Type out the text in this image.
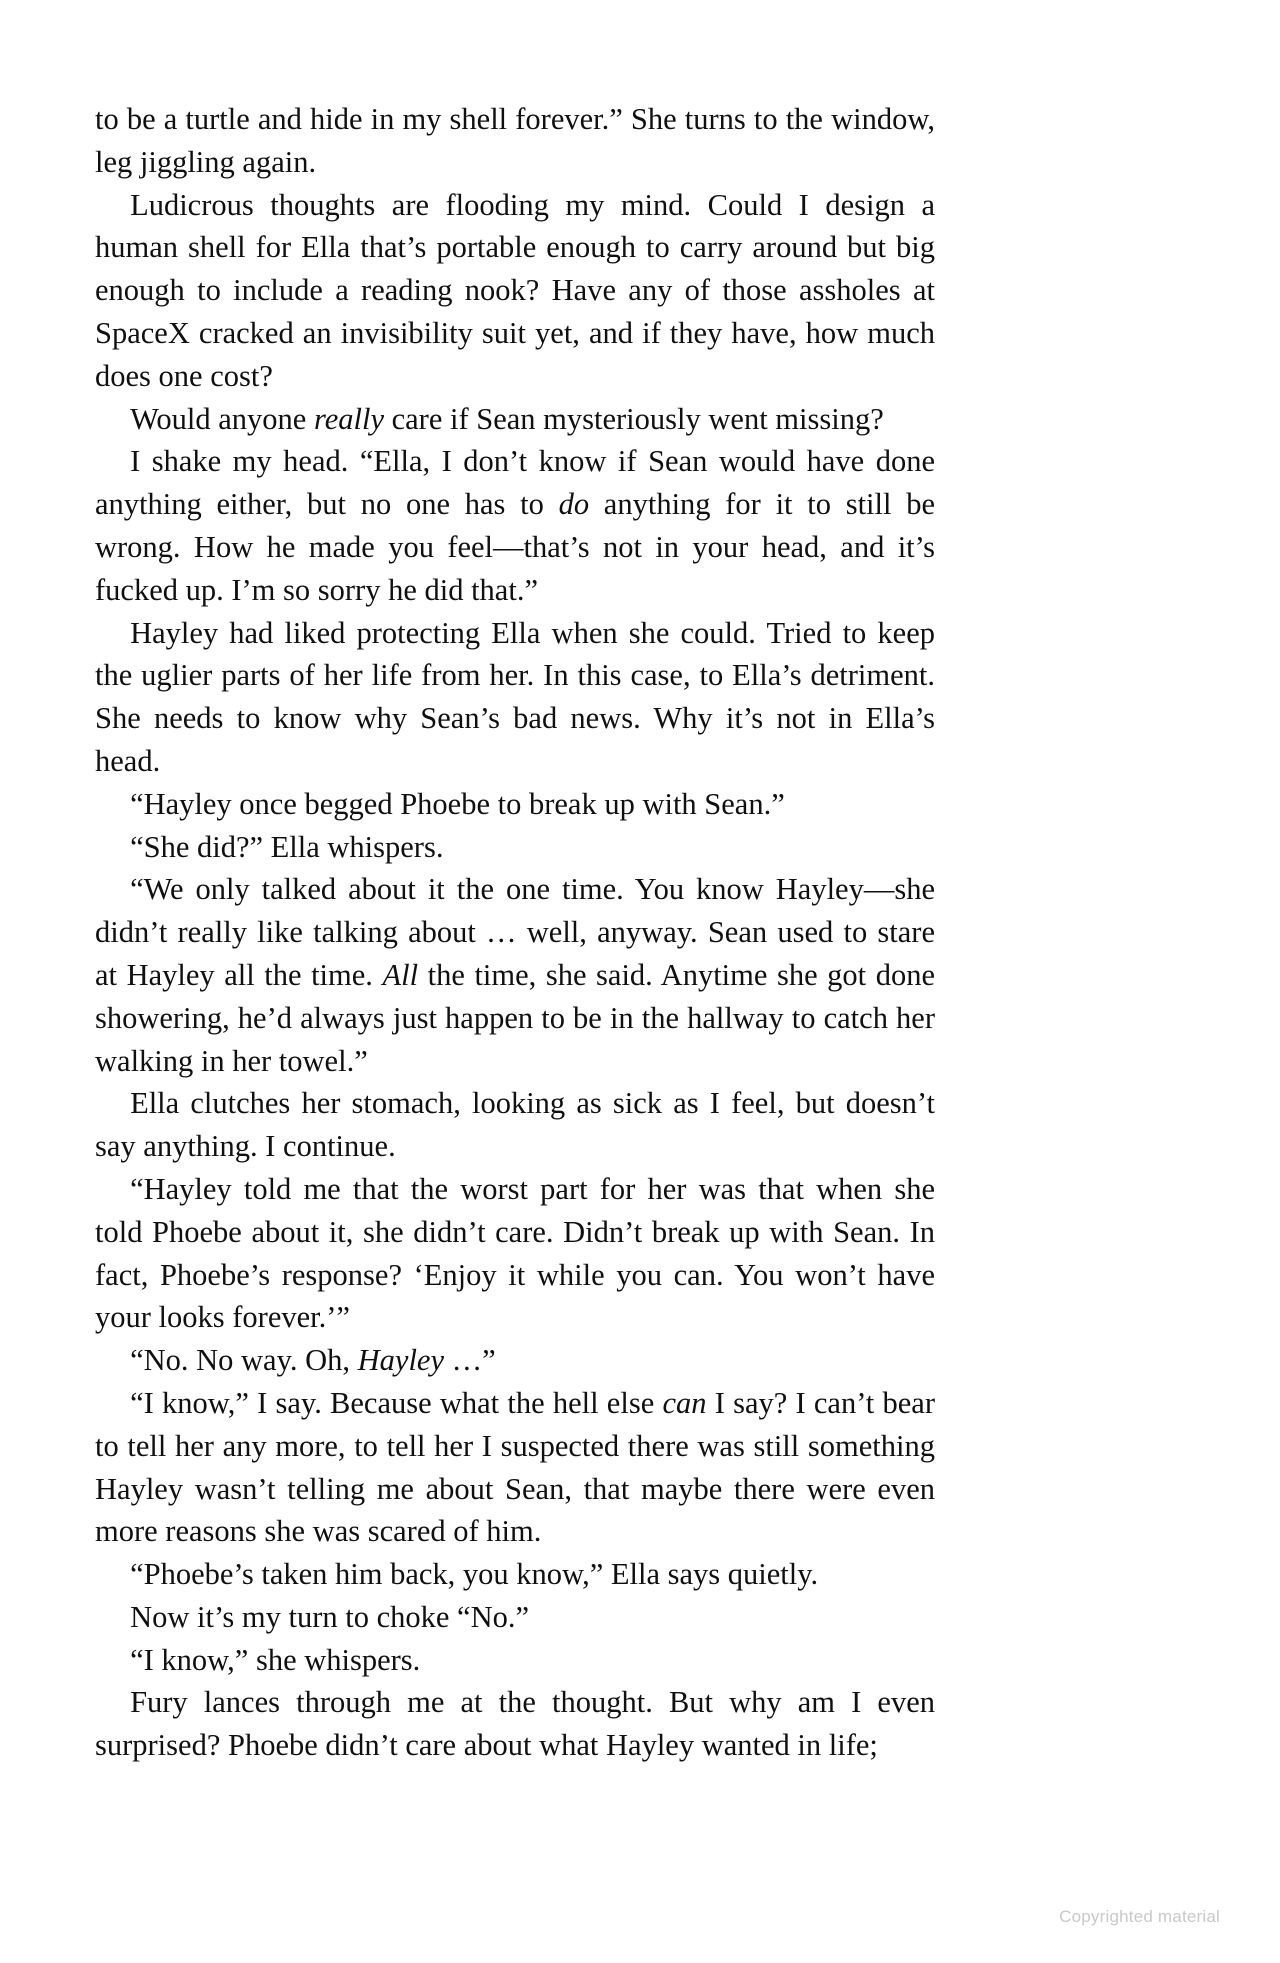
to be a turtle and hide in my shell forever.” She turns to the window, leg jiggling again.

Ludicrous thoughts are flooding my mind. Could I design a human shell for Ella that’s portable enough to carry around but big enough to include a reading nook? Have any of those assholes at SpaceX cracked an invisibility suit yet, and if they have, how much does one cost?

Would anyone really care if Sean mysteriously went missing?

I shake my head. “Ella, I don’t know if Sean would have done anything either, but no one has to do anything for it to still be wrong. How he made you feel—that’s not in your head, and it’s fucked up. I’m so sorry he did that.”

Hayley had liked protecting Ella when she could. Tried to keep the uglier parts of her life from her. In this case, to Ella’s detriment. She needs to know why Sean’s bad news. Why it’s not in Ella’s head.

“Hayley once begged Phoebe to break up with Sean.”

“She did?” Ella whispers.

“We only talked about it the one time. You know Hayley—she didn’t really like talking about … well, anyway. Sean used to stare at Hayley all the time. All the time, she said. Anytime she got done showering, he’d always just happen to be in the hallway to catch her walking in her towel.”

Ella clutches her stomach, looking as sick as I feel, but doesn’t say anything. I continue.

“Hayley told me that the worst part for her was that when she told Phoebe about it, she didn’t care. Didn’t break up with Sean. In fact, Phoebe’s response? ‘Enjoy it while you can. You won’t have your looks forever.’”

“No. No way. Oh, Hayley …”

“I know,” I say. Because what the hell else can I say? I can’t bear to tell her any more, to tell her I suspected there was still something Hayley wasn’t telling me about Sean, that maybe there were even more reasons she was scared of him.

“Phoebe’s taken him back, you know,” Ella says quietly.

Now it’s my turn to choke “No.”

“I know,” she whispers.

Fury lances through me at the thought. But why am I even surprised? Phoebe didn’t care about what Hayley wanted in life;

Copyrighted material
